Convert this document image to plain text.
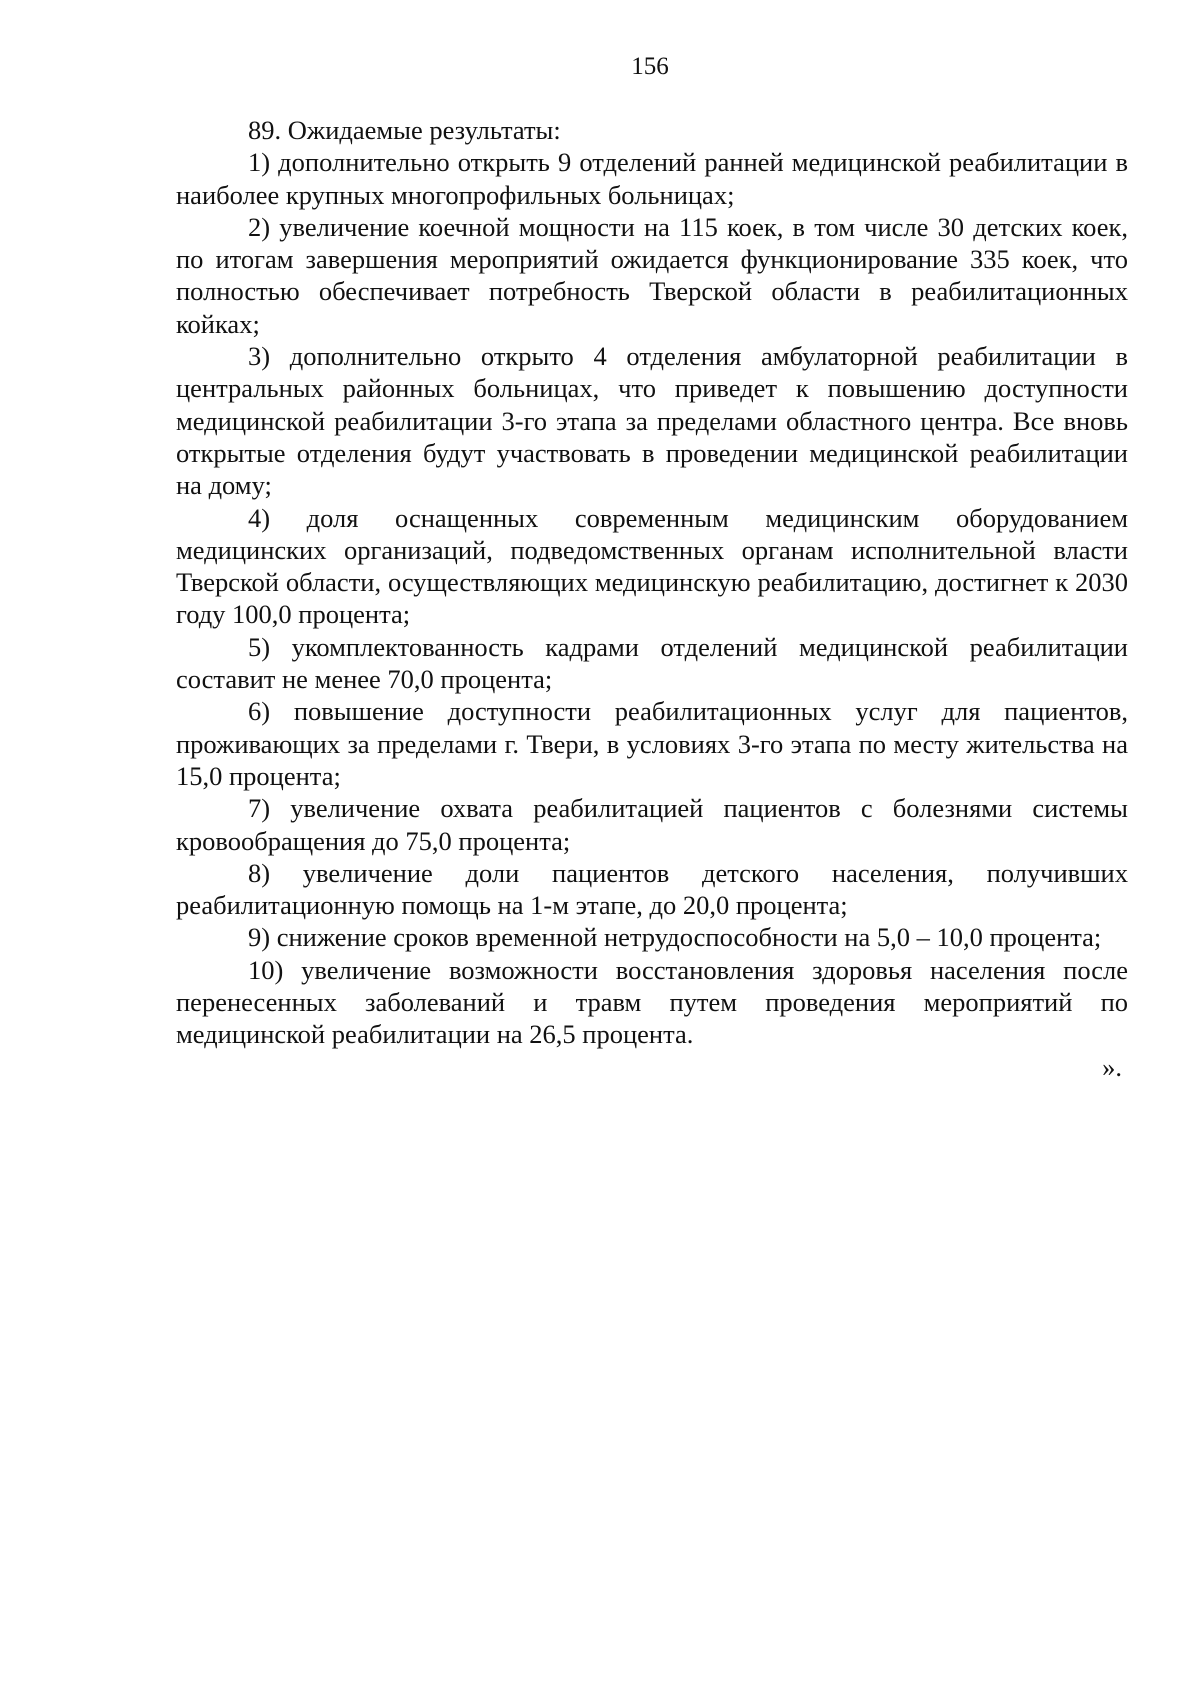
156

89. Ожидаемые результаты:

1) дополнительно открыть 9 отделений ранней медицинской реабилитации в наиболее крупных многопрофильных больницах;

2) увеличение коечной мощности на 115 коек, в том числе 30 детских коек, по итогам завершения мероприятий ожидается функционирование 335 коек, что полностью обеспечивает потребность Тверской области в реабилитационных койках;

3) дополнительно открыто 4 отделения амбулаторной реабилитации в центральных районных больницах, что приведет к повышению доступности медицинской реабилитации 3-го этапа за пределами областного центра. Все вновь открытые отделения будут участвовать в проведении медицинской реабилитации на дому;

4) доля оснащенных современным медицинским оборудованием медицинских организаций, подведомственных органам исполнительной власти Тверской области, осуществляющих медицинскую реабилитацию, достигнет к 2030 году 100,0 процента;

5) укомплектованность кадрами отделений медицинской реабилитации составит не менее 70,0 процента;

6) повышение доступности реабилитационных услуг для пациентов, проживающих за пределами г. Твери, в условиях 3-го этапа по месту жительства на 15,0 процента;

7) увеличение охвата реабилитацией пациентов с болезнями системы кровообращения до 75,0 процента;

8) увеличение доли пациентов детского населения, получивших реабилитационную помощь на 1-м этапе, до 20,0 процента;

9) снижение сроков временной нетрудоспособности на 5,0 – 10,0 процента;

10) увеличение возможности восстановления здоровья населения после перенесенных заболеваний и травм путем проведения мероприятий по медицинской реабилитации на 26,5 процента.

».
